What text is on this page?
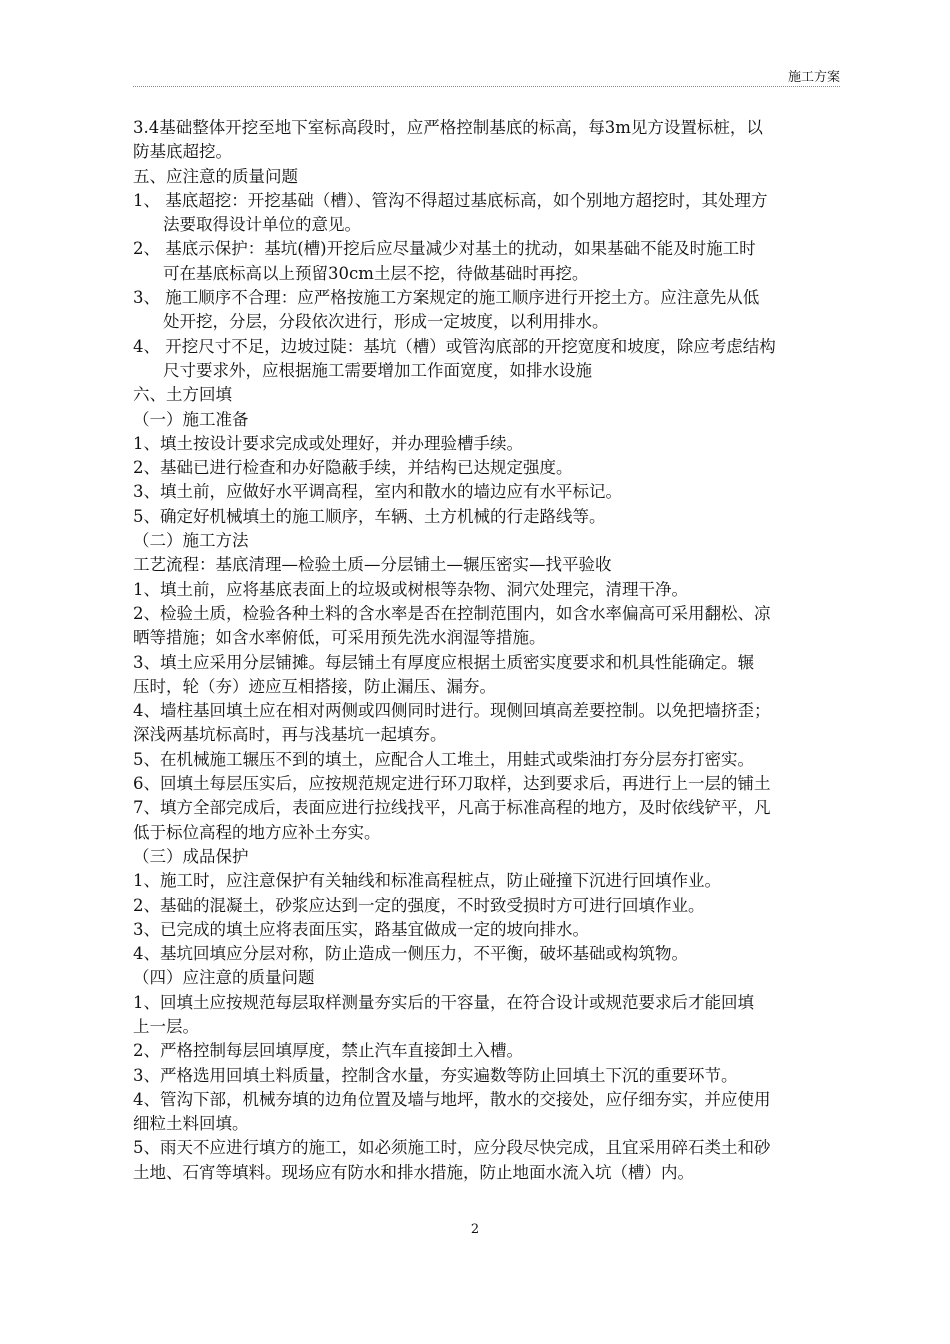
施工方案
3.4基础整体开挖至地下室标高段时，应严格控制基底的标高，每3m见方设置标桩，以
防基底超挖。
五、应注意的质量问题
1、 基底超挖：开挖基础（槽）、管沟不得超过基底标高，如个别地方超挖时，其处理方
法要取得设计单位的意见。
2、 基底示保护：基坑(槽)开挖后应尽量减少对基土的扰动，如果基础不能及时施工时
可在基底标高以上预留30cm土层不挖，待做基础时再挖。
3、 施工顺序不合理：应严格按施工方案规定的施工顺序进行开挖土方。应注意先从低
处开挖，分层，分段依次进行，形成一定坡度，以利用排水。
4、 开挖尺寸不足，边坡过陡：基坑（槽）或管沟底部的开挖宽度和坡度，除应考虑结构
尺寸要求外，应根据施工需要增加工作面宽度，如排水设施
六、土方回填
（一）施工准备
1、填土按设计要求完成或处理好，并办理验槽手续。
2、基础已进行检查和办好隐蔽手续，并结构已达规定强度。
3、填土前，应做好水平调高程，室内和散水的墙边应有水平标记。
5、确定好机械填土的施工顺序，车辆、土方机械的行走路线等。
（二）施工方法
工艺流程：基底清理—检验土质—分层铺土—辗压密实—找平验收
1、填土前，应将基底表面上的垃圾或树根等杂物、洞穴处理完，清理干净。
2、检验土质，检验各种土料的含水率是否在控制范围内，如含水率偏高可采用翻松、凉
晒等措施；如含水率俯低，可采用预先洗水润湿等措施。
3、填土应采用分层铺摊。每层铺土有厚度应根据土质密实度要求和机具性能确定。辗
压时，轮（夯）迹应互相搭接，防止漏压、漏夯。
4、墙柱基回填土应在相对两侧或四侧同时进行。现侧回填高差要控制。以免把墙挤歪；
深浅两基坑标高时，再与浅基坑一起填夯。
5、在机械施工辗压不到的填土，应配合人工堆土，用蛙式或柴油打夯分层夯打密实。
6、回填土每层压实后，应按规范规定进行环刀取样，达到要求后，再进行上一层的铺土
7、填方全部完成后，表面应进行拉线找平，凡高于标准高程的地方，及时依线铲平，凡
低于标位高程的地方应补土夯实。
（三）成品保护
1、施工时，应注意保护有关轴线和标准高程桩点，防止碰撞下沉进行回填作业。
2、基础的混凝土，砂浆应达到一定的强度，不时致受损时方可进行回填作业。
3、已完成的填土应将表面压实，路基宜做成一定的坡向排水。
4、基坑回填应分层对称，防止造成一侧压力，不平衡，破坏基础或构筑物。
（四）应注意的质量问题
1、回填土应按规范每层取样测量夯实后的干容量，在符合设计或规范要求后才能回填
上一层。
2、严格控制每层回填厚度，禁止汽车直接卸土入槽。
3、严格选用回填土料质量，控制含水量，夯实遍数等防止回填土下沉的重要环节。
4、管沟下部，机械夯填的边角位置及墙与地坪，散水的交接处，应仔细夯实，并应使用
细粒土料回填。
5、雨天不应进行填方的施工，如必须施工时，应分段尽快完成，且宜采用碎石类土和砂
土地、石宵等填料。现场应有防水和排水措施，防止地面水流入坑（槽）内。
2
